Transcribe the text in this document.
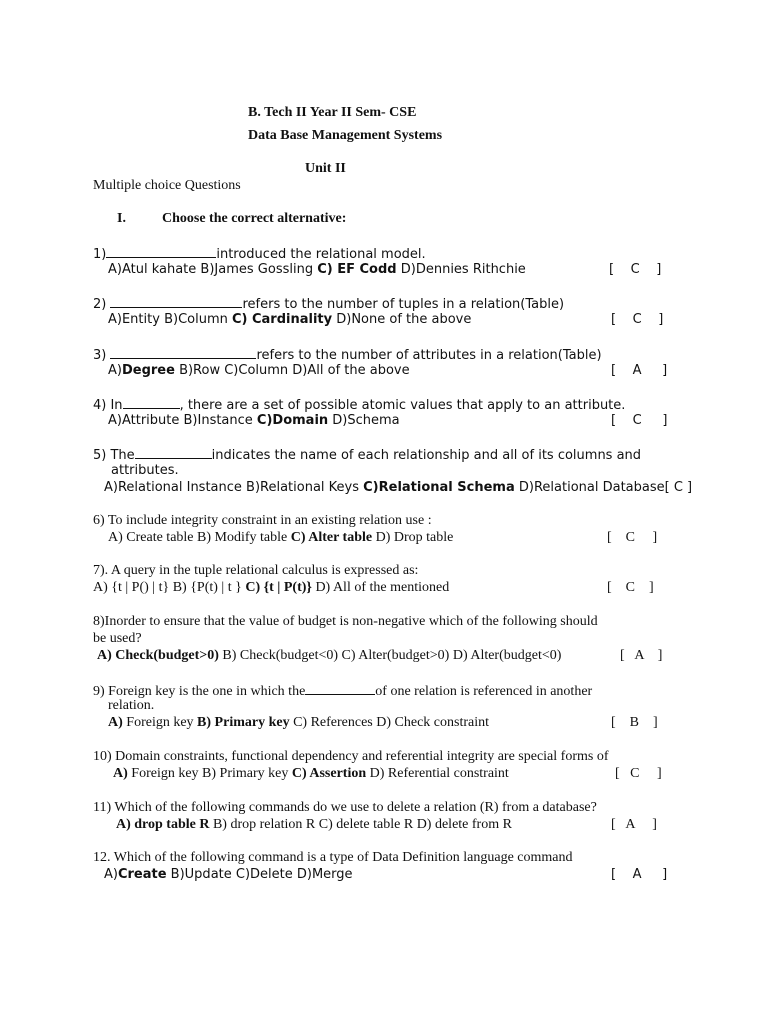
B. Tech II Year II Sem- CSE
Data Base Management Systems
Unit II
Multiple choice Questions
I.	Choose the correct alternative:
1)	introduced the relational model.
A)Atul kahate B)James Gossling C) EF Codd D)Dennies Rithchie	[    C    ]
2)	refers to the number of tuples in a relation(Table)
A)Entity B)Column C) Cardinality D)None of the above	[    C    ]
3)	refers to the number of attributes in a relation(Table)
A)Degree B)Row C)Column D)All of the above	[    A     ]
4) In	, there are a set of possible atomic values that apply to an attribute.
A)Attribute B)Instance C)Domain D)Schema	[    C     ]
5) The	indicates the name of each relationship and all of its columns and
attributes.
A)Relational Instance B)Relational Keys C)Relational Schema D)Relational Database[ C ]
6) To include integrity constraint in an existing relation use :
A) Create table B) Modify table C) Alter table D) Drop table	[    C     ]
7). A query in the tuple relational calculus is expressed as:
A) {t | P() | t} B) {P(t) | t } C) {t | P(t)} D) All of the mentioned	[    C    ]
8)Inorder to ensure that the value of budget is non-negative which of the following should
be used?
A) Check(budget>0) B) Check(budget<0) C) Alter(budget>0) D) Alter(budget<0)	[   A    ]
9) Foreign key is the one in which the	of one relation is referenced in another
relation.
A) Foreign key B) Primary key C) References D) Check constraint	[    B    ]
10) Domain constraints, functional dependency and referential integrity are special forms of
A) Foreign key B) Primary key C) Assertion D) Referential constraint	[   C     ]
11) Which of the following commands do we use to delete a relation (R) from a database?
A) drop table R B) drop relation R C) delete table R D) delete from R	[   A     ]
12. Which of the following command is a type of Data Definition language command
A)Create B)Update C)Delete D)Merge	[    A     ]
